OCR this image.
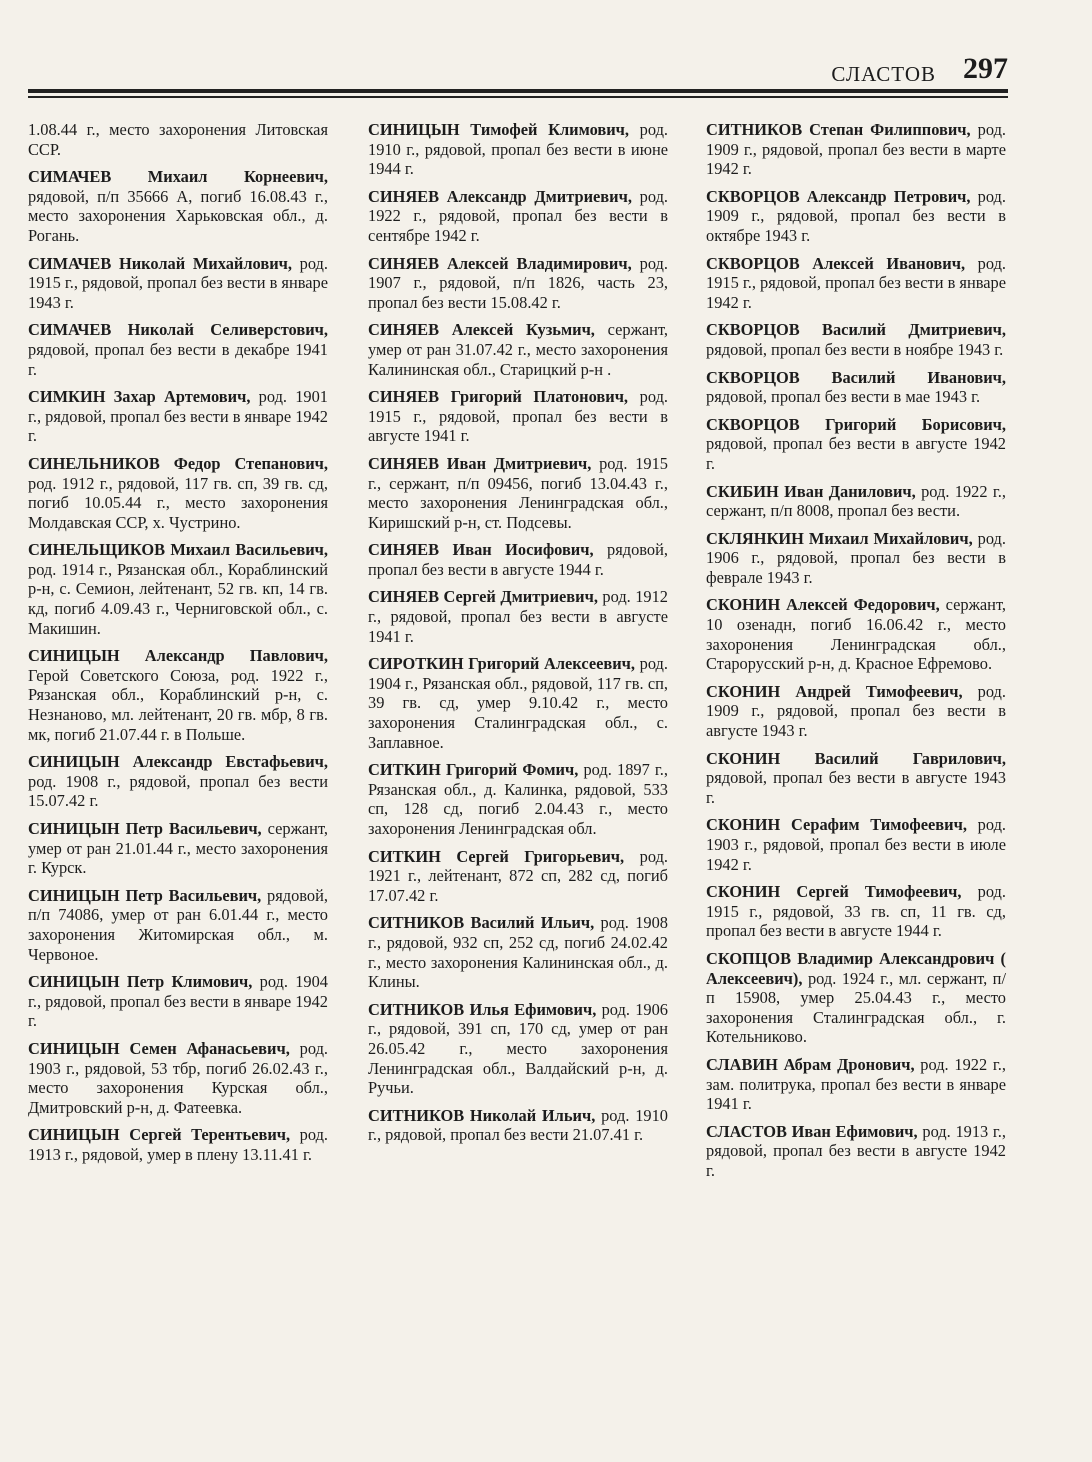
СЛАСТОВ 297

1.08.44 г., место захоронения Литовская ССР.

СИМАЧЕВ Михаил Корнеевич, рядовой, п/п 35666 А, погиб 16.08.43 г., место захоронения Харьковская обл., д. Рогань.

СИМАЧЕВ Николай Михайлович, род. 1915 г., рядовой, пропал без вести в январе 1943 г.

СИМАЧЕВ Николай Селиверстович, рядовой, пропал без вести в декабре 1941 г.

СИМКИН Захар Артемович, род. 1901 г., рядовой, пропал без вести в январе 1942 г.

СИНЕЛЬНИКОВ Федор Степанович, род. 1912 г., рядовой, 117 гв. сп, 39 гв. сд, погиб 10.05.44 г., место захоронения Молдавская ССР, х. Чустрино.

СИНЕЛЬЩИКОВ Михаил Васильевич, род. 1914 г., Рязанская обл., Кораблинский р-н, с. Семион, лейтенант, 52 гв. кп, 14 гв. кд, погиб 4.09.43 г., Черниговской обл., с. Макишин.

СИНИЦЫН Александр Павлович, Герой Советского Союза, род. 1922 г., Рязанская обл., Кораблинский р-н, с. Незнаново, мл. лейтенант, 20 гв. мбр, 8 гв. мк, погиб 21.07.44 г. в Польше.

СИНИЦЫН Александр Евстафьевич, род. 1908 г., рядовой, пропал без вести 15.07.42 г.

СИНИЦЫН Петр Васильевич, сержант, умер от ран 21.01.44 г., место захоронения г. Курск.

СИНИЦЫН Петр Васильевич, рядовой, п/п 74086, умер от ран 6.01.44 г., место захоронения Житомирская обл., м. Червоное.

СИНИЦЫН Петр Климович, род. 1904 г., рядовой, пропал без вести в январе 1942 г.

СИНИЦЫН Семен Афанасьевич, род. 1903 г., рядовой, 53 тбр, погиб 26.02.43 г., место захоронения Курская обл., Дмитровский р-н, д. Фатеевка.

СИНИЦЫН Сергей Терентьевич, род. 1913 г., рядовой, умер в плену 13.11.41 г.

СИНИЦЫН Тимофей Климович, род. 1910 г., рядовой, пропал без вести в июне 1944 г.

СИНЯЕВ Александр Дмитриевич, род. 1922 г., рядовой, пропал без вести в сентябре 1942 г.

СИНЯЕВ Алексей Владимирович, род. 1907 г., рядовой, п/п 1826, часть 23, пропал без вести 15.08.42 г.

СИНЯЕВ Алексей Кузьмич, сержант, умер от ран 31.07.42 г., место захоронения Калининская обл., Старицкий р-н .

СИНЯЕВ Григорий Платонович, род. 1915 г., рядовой, пропал без вести в августе 1941 г.

СИНЯЕВ Иван Дмитриевич, род. 1915 г., сержант, п/п 09456, погиб 13.04.43 г., место захоронения Ленинградская обл., Киришский р-н, ст. Подсевы.

СИНЯЕВ Иван Иосифович, рядовой, пропал без вести в августе 1944 г.

СИНЯЕВ Сергей Дмитриевич, род. 1912 г., рядовой, пропал без вести в августе 1941 г.

СИРОТКИН Григорий Алексеевич, род. 1904 г., Рязанская обл., рядовой, 117 гв. сп, 39 гв. сд, умер 9.10.42 г., место захоронения Сталинградская обл., с. Заплавное.

СИТКИН Григорий Фомич, род. 1897 г., Рязанская обл., д. Калинка, рядовой, 533 сп, 128 сд, погиб 2.04.43 г., место захоронения Ленинградская обл.

СИТКИН Сергей Григорьевич, род. 1921 г., лейтенант, 872 сп, 282 сд, погиб 17.07.42 г.

СИТНИКОВ Василий Ильич, род. 1908 г., рядовой, 932 сп, 252 сд, погиб 24.02.42 г., место захоронения Калининская обл., д. Клины.

СИТНИКОВ Илья Ефимович, род. 1906 г., рядовой, 391 сп, 170 сд, умер от ран 26.05.42 г., место захоронения Ленинградская обл., Валдайский р-н, д. Ручьи.

СИТНИКОВ Николай Ильич, род. 1910 г., рядовой, пропал без вести 21.07.41 г.

СИТНИКОВ Степан Филиппович, род. 1909 г., рядовой, пропал без вести в марте 1942 г.

СКВОРЦОВ Александр Петрович, род. 1909 г., рядовой, пропал без вести в октябре 1943 г.

СКВОРЦОВ Алексей Иванович, род. 1915 г., рядовой, пропал без вести в январе 1942 г.

СКВОРЦОВ Василий Дмитриевич, рядовой, пропал без вести в ноябре 1943 г.

СКВОРЦОВ Василий Иванович, рядовой, пропал без вести в мае 1943 г.

СКВОРЦОВ Григорий Борисович, рядовой, пропал без вести в августе 1942 г.

СКИБИН Иван Данилович, род. 1922 г., сержант, п/п 8008, пропал без вести.

СКЛЯНКИН Михаил Михайлович, род. 1906 г., рядовой, пропал без вести в феврале 1943 г.

СКОНИН Алексей Федорович, сержант, 10 озенадн, погиб 16.06.42 г., место захоронения Ленинградская обл., Старорусский р-н, д. Красное Ефремово.

СКОНИН Андрей Тимофеевич, род. 1909 г., рядовой, пропал без вести в августе 1943 г.

СКОНИН Василий Гаврилович, рядовой, пропал без вести в августе 1943 г.

СКОНИН Серафим Тимофеевич, род. 1903 г., рядовой, пропал без вести в июле 1942 г.

СКОНИН Сергей Тимофеевич, род. 1915 г., рядовой, 33 гв. сп, 11 гв. сд, пропал без вести в августе 1944 г.

СКОПЦОВ Владимир Александрович ( Алексеевич), род. 1924 г., мл. сержант, п/п 15908, умер 25.04.43 г., место захоронения Сталинградская обл., г. Котельниково.

СЛАВИН Абрам Дронович, род. 1922 г., зам. политрука, пропал без вести в январе 1941 г.

СЛАСТОВ Иван Ефимович, род. 1913 г., рядовой, пропал без вести в августе 1942 г.
